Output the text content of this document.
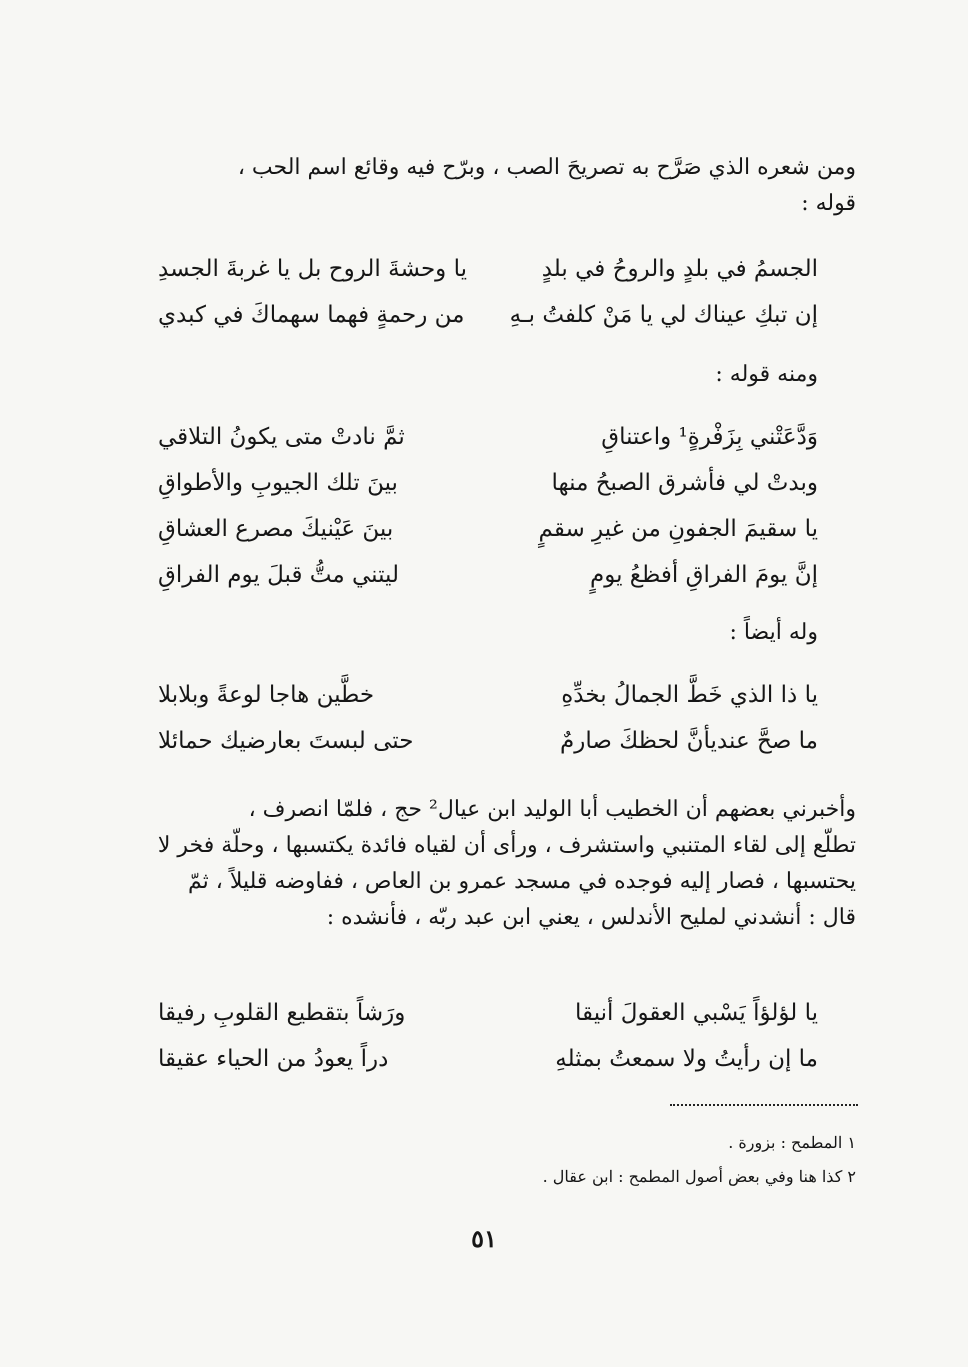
ومن شعره الذي صَرَّح به تصريحَ الصب ، وبرّح فيه وقائع اسم الحب ،
قوله :

الجسمُ في بلدٍ والروحُ في بلدٍ
يا وحشةَ الروح بل يا غربةَ الجسدِ
إن تبكِ عيناك لي يا مَنْ كلفتُ بـهِ
من رحمةٍ فهما سهماكَ في كبدي

ومنه قوله :

وَدَّعَتْني بِزَفْرةٍ¹ واعتناقِ
ثمَّ نادتْ متى يكونُ التلاقي
وبدتْ لي فأشرق الصبحُ منها
بينَ تلك الجيوبِ والأطواقِ
يا سقيمَ الجفونِ من غيرِ سقمٍ
بينَ عَيْنيكَ مصرع العشاقِ
إنَّ يومَ الفراقِ أفظعُ يومٍ
ليتني متُّ قبلَ يوم الفراقِ

وله أيضاً :

يا ذا الذي خَطَّ الجمالُ بخدِّهِ
خطَّين هاجا لوعةً وبلابلا
ما صحَّ عنديأنَّ لحظكَ صارمٌ
حتى لبستَ بعارضيك حمائلا

وأخبرني بعضهم أن الخطيب أبا الوليد ابن عيال² حج ، فلمّا انصرف ،
تطلّع إلى لقاء المتنبي واستشرف ، ورأى أن لقياه فائدة يكتسبها ، وحلّة فخر لا
يحتسبها ، فصار إليه فوجده في مسجد عمرو بن العاص ، ففاوضه قليلاً ، ثمّ
قال : أنشدني لمليح الأندلس ، يعني ابن عبد ربّه ، فأنشده :

يا لؤلؤاً يَسْبي العقولَ أنيقا
ورَشاً بتقطيع القلوبِ رفيقا
ما إن رأيتُ ولا سمعتُ بمثلهِ
دراً يعودُ من الحياء عقيقا

١ المطمح : بزورة .

٢ كذا هنا وفي بعض أصول المطمح : ابن عقال .

٥١
